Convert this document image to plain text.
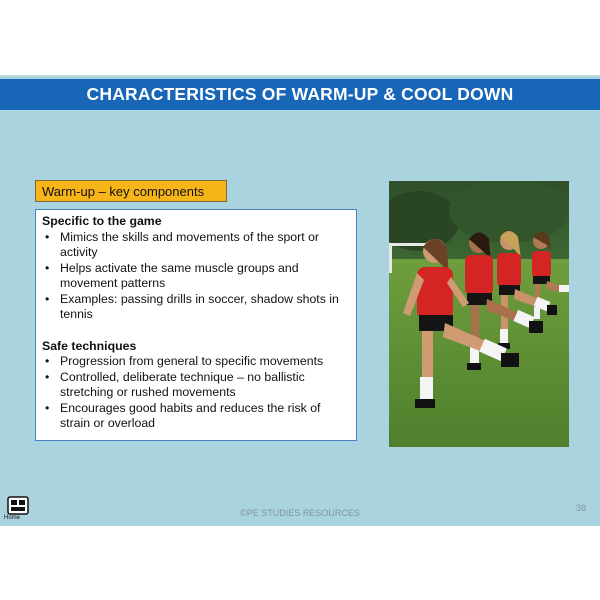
CHARACTERISTICS OF WARM-UP & COOL DOWN
Warm-up – key components

Specific to the game

• Mimics the skills and movements of the sport or activity
• Helps activate the same muscle groups and movement patterns
• Examples: passing drills in soccer, shadow shots in tennis

Safe techniques

• Progression from general to specific movements
• Controlled, deliberate technique – no ballistic stretching or rushed movements
• Encourages good habits and reduces the risk of strain or overload
Home	©PE STUDIES RESOURCES	38
